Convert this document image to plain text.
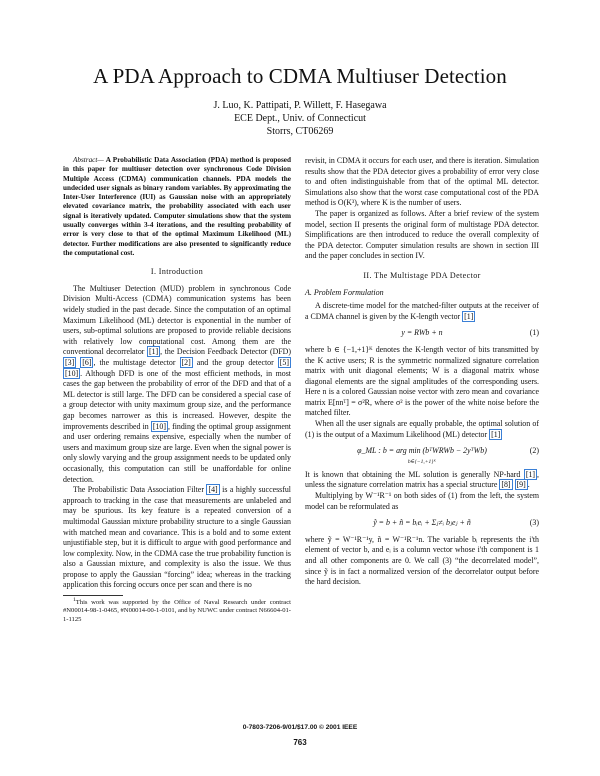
A PDA Approach to CDMA Multiuser Detection
J. Luo, K. Pattipati, P. Willett, F. Hasegawa
ECE Dept., Univ. of Connecticut
Storrs, CT06269

Abstract— A Probabilistic Data Association (PDA) method is proposed in this paper for multiuser detection over synchronous Code Division Multiple Access (CDMA) communication channels. PDA models the undecided user signals as binary random variables. By approximating the Inter-User Interference (IUI) as Gaussian noise with an appropriately elevated covariance matrix, the probability associated with each user signal is iteratively updated. Computer simulations show that the system usually converges within 3-4 iterations, and the resulting probability of error is very close to that of the optimal Maximum Likelihood (ML) detector. Further modifications are also presented to significantly reduce the computational cost.

I. Introduction

The Multiuser Detection (MUD) problem in synchronous Code Division Multi-Access (CDMA) communication systems has been widely studied in the past decade. Since the computation of an optimal Maximum Likelihood (ML) detector is exponential in the number of users, sub-optimal solutions are proposed to provide reliable decisions with relatively low computational cost. Among them are the conventional decorrelator [1] , the Decision Feedback Detector (DFD) [3] [6] , the multistage detector [2] and the group detector [5] [10] . Although DFD is one of the most efficient methods, in most cases the gap between the probability of error of the DFD and that of a ML detector is still large. The DFD can be considered a special case of a group detector with unity maximum group size, and the performance gap becomes narrower as this is increased. However, despite the improvements described in [10] , finding the optimal group assignment and user ordering remains expensive, especially when the number of users and maximum group size are large. Even when the signal power is only slowly varying and the group assignment needs to be updated only occasionally, this computation can still be unaffordable for online detection.

The Probabilistic Data Association Filter [4] is a highly successful approach to tracking in the case that measurements are unlabeled and may be spurious. Its key feature is a repeated conversion of a multimodal Gaussian mixture probability structure to a single Gaussian with matched mean and covariance. This is a bold and to some extent unjustifiable step, but it is difficult to argue with good performance and low complexity. Now, in the CDMA case the true probability function is also a Gaussian mixture, and complexity is also the issue. We thus propose to apply the Gaussian “forcing” idea; whereas in the tracking application this forcing occurs once per scan and there is no

$^1$This work was supported by the Office of Naval Research under contract #N00014-98-1-0465, #N00014-00-1-0101, and by NUWC under contract N66604-01-1-1125

revisit, in CDMA it occurs for each user, and there is iteration. Simulation results show that the PDA detector gives a probability of error very close to and often indistinguishable from that of the optimal ML detector. Simulations also show that the worst case computational cost of the PDA method is O(K³), where K is the number of users.

The paper is organized as follows. After a brief review of the system model, section II presents the original form of multistage PDA detector. Simplifications are then introduced to reduce the overall complexity of the PDA detector. Computer simulation results are shown in section III and the paper concludes in section IV.

II. The Multistage PDA Detector
A. Problem Formulation

A discrete-time model for the matched-filter outputs at the receiver of a CDMA channel is given by the K-length vector [1]

y = RWb + n	(1)

where b ∈ {−1,+1}ᴷ denotes the K-length vector of bits transmitted by the K active users; R is the symmetric normalized signature correlation matrix with unit diagonal elements; W is a diagonal matrix whose diagonal elements are the signal amplitudes of the corresponding users. Here n is a colored Gaussian noise vector with zero mean and covariance matrix E[nnᵀ] = σ²R, where σ² is the power of the white noise before the matched filter.

When all the user signals are equally probable, the optimal solution of (1) is the output of a Maximum Likelihood (ML) detector [1]

φ_ML : b = arg min (bᵀWRWb − 2yᵀWb)	(2)
b∈{−1,+1}ᴷ

It is known that obtaining the ML solution is generally NP-hard [1] , unless the signature correlation matrix has a special structure [8] [9] .

Multiplying by W⁻¹R⁻¹ on both sides of (1) from the left, the system model can be reformulated as

ỹ = b + ñ = bᵢeᵢ + Σⱼ≠ᵢ bⱼeⱼ + ñ	(3)

where ỹ = W⁻¹R⁻¹y, ñ = W⁻¹R⁻¹n. The variable bᵢ represents the i'th element of vector b, and eᵢ is a column vector whose i'th component is 1 and all other components are 0. We call (3) “the decorrelated model”, since ỹ is in fact a normalized version of the decorrelator output before the hard decision.

0-7803-7206-9/01/$17.00 © 2001 IEEE
763
